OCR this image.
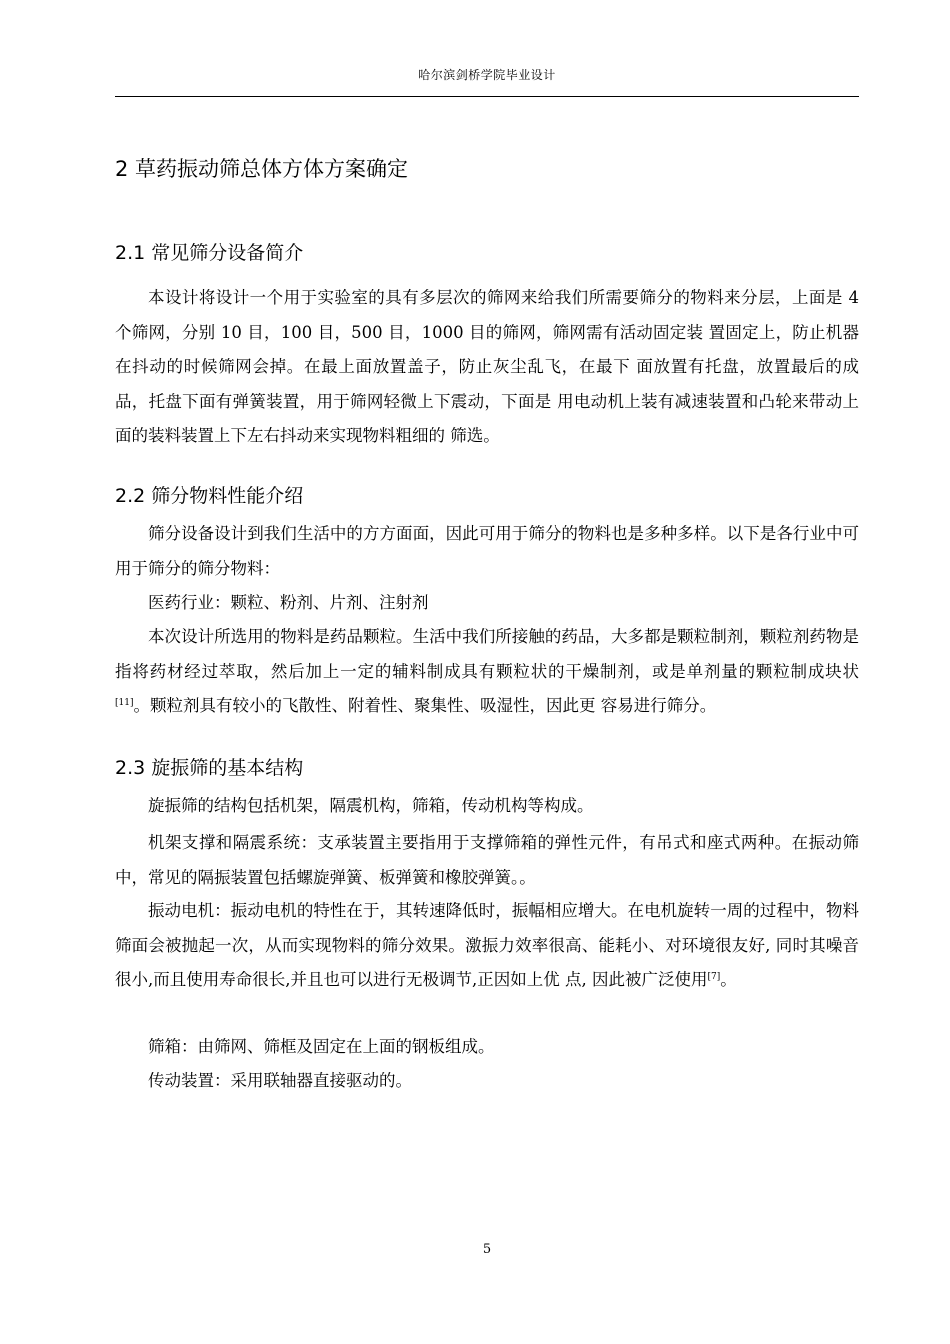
哈尔滨剑桥学院毕业设计
2 草药振动筛总体方体方案确定
2.1 常见筛分设备简介
本设计将设计一个用于实验室的具有多层次的筛网来给我们所需要筛分的物料来分层，上面是 4 个筛网，分别 10 目，100 目，500 目，1000 目的筛网，筛网需有活动固定装 置固定上，防止机器在抖动的时候筛网会掉。在最上面放置盖子，防止灰尘乱飞，在最下 面放置有托盘，放置最后的成品，托盘下面有弹簧装置，用于筛网轻微上下震动，下面是 用电动机上装有减速装置和凸轮来带动上面的装料装置上下左右抖动来实现物料粗细的 筛选。
2.2 筛分物料性能介绍
筛分设备设计到我们生活中的方方面面，因此可用于筛分的物料也是多种多样。以下是各行业中可用于筛分的筛分物料：
医药行业：颗粒、粉剂、片剂、注射剂
本次设计所选用的物料是药品颗粒。生活中我们所接触的药品，大多都是颗粒制剂，颗粒剂药物是指将药材经过萃取，然后加上一定的辅料制成具有颗粒状的干燥制剂，或是单剂量的颗粒制成块状[11]。颗粒剂具有较小的飞散性、附着性、聚集性、吸湿性，因此更 容易进行筛分。
2.3 旋振筛的基本结构
旋振筛的结构包括机架，隔震机构，筛箱，传动机构等构成。
机架支撑和隔震系统：支承装置主要指用于支撑筛箱的弹性元件，有吊式和座式两种。在振动筛中，常见的隔振装置包括螺旋弹簧、板弹簧和橡胶弹簧。。
振动电机：振动电机的特性在于，其转速降低时，振幅相应增大。在电机旋转一周的过程中，物料筛面会被抛起一次，从而实现物料的筛分效果。激振力效率很高、能耗小、对环境很友好, 同时其噪音很小,而且使用寿命很长,并且也可以进行无极调节,正因如上优 点, 因此被广泛使用[7]。
筛箱：由筛网、筛框及固定在上面的钢板组成。
传动装置：采用联轴器直接驱动的。
5
